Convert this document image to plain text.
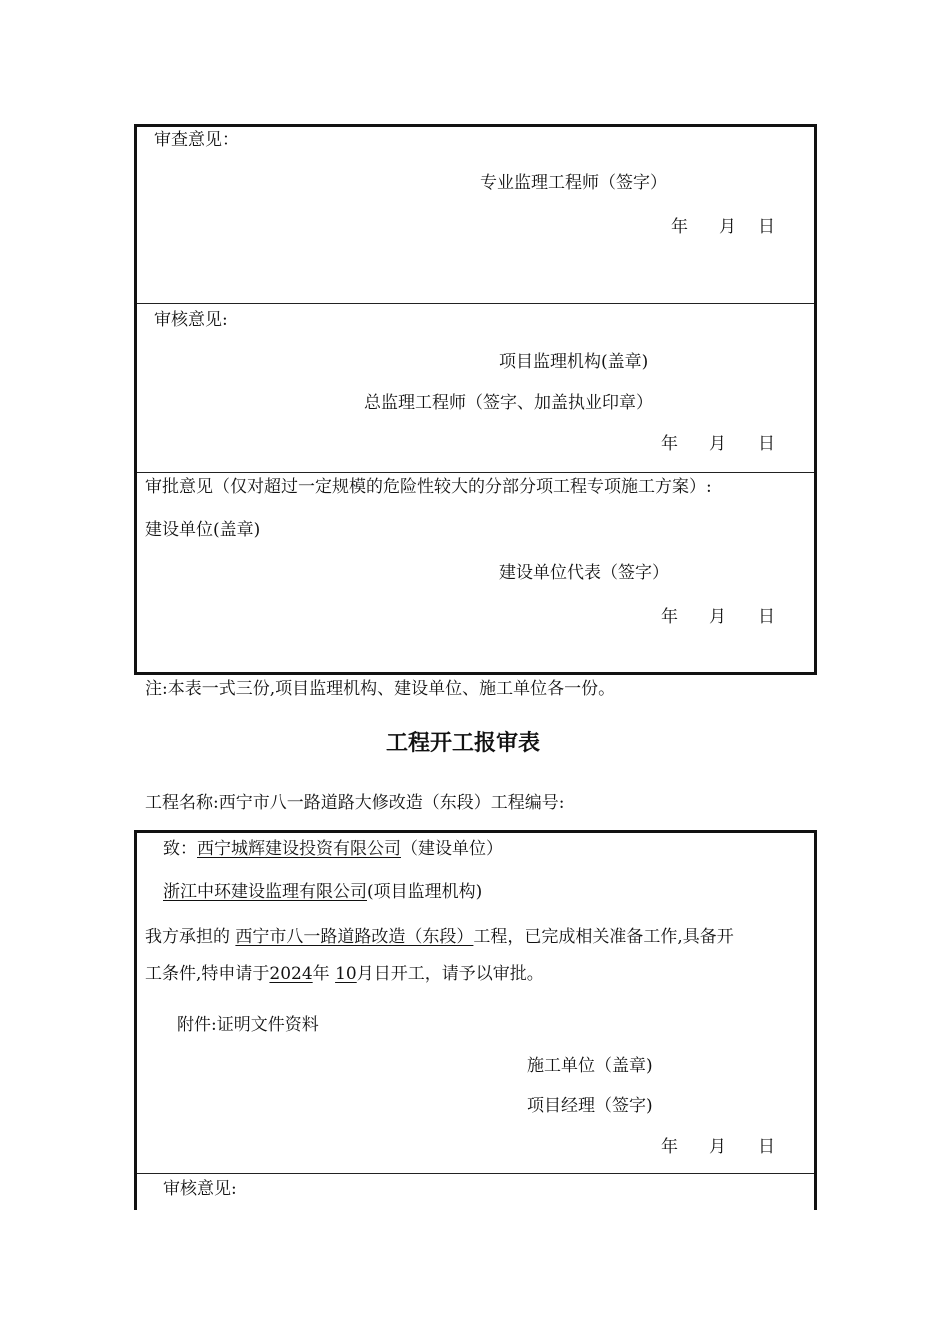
审查意见：
专业监理工程师（签字）
年 月 日
审核意见:
项目监理机构(盖章)
总监理工程师（签字、加盖执业印章）
年 月 日
审批意见（仅对超过一定规模的危险性较大的分部分项工程专项施工方案）:
建设单位(盖章)
建设单位代表（签字）
年 月 日
注:本表一式三份,项目监理机构、建设单位、施工单位各一份。
工程开工报审表
工程名称:西宁市八一路道路大修改造（东段）工程编号:
致：西宁城辉建设投资有限公司（建设单位）
浙江中环建设监理有限公司(项目监理机构)
我方承担的 西宁市八一路道路改造（东段）工程，已完成相关准备工作,具备开
工条件,特申请于2024年 10月日开工，请予以审批。
附件:证明文件资料
施工单位（盖章)
项目经理（签字)
年 月 日
审核意见:
